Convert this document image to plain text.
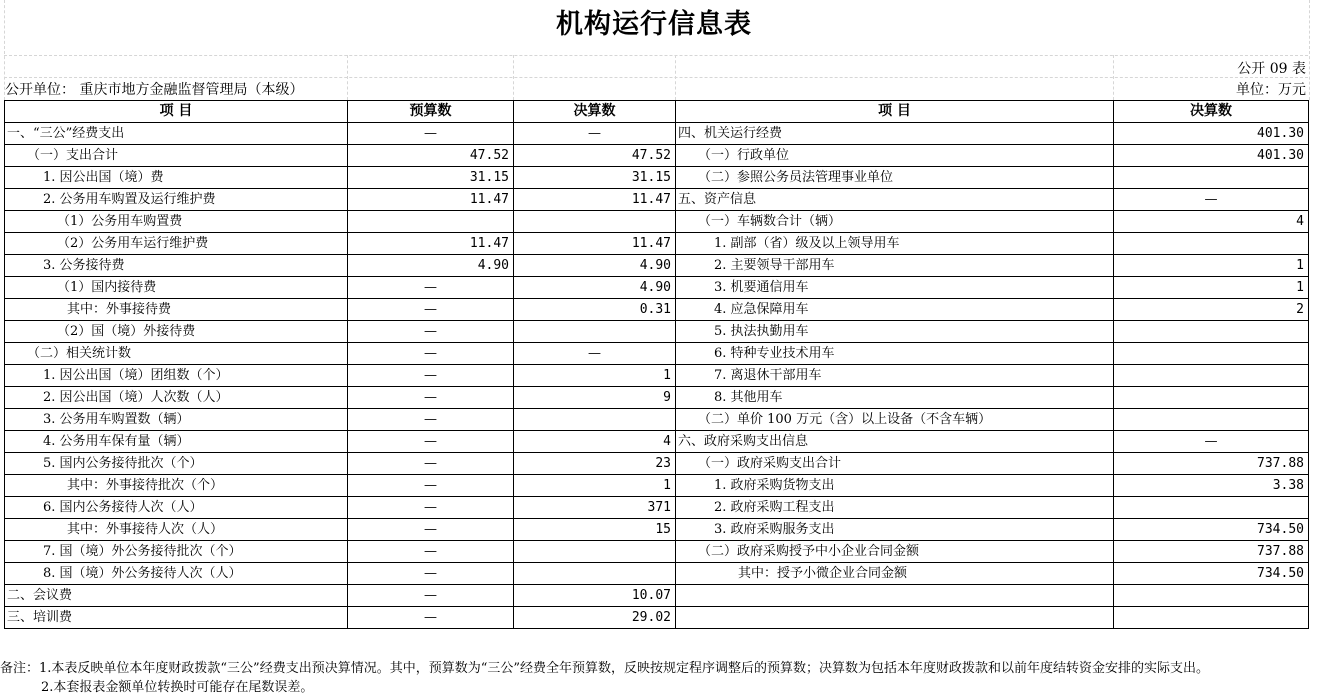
机构运行信息表
公开 09 表
公开单位： 重庆市地方金融监督管理局（本级）	单位：万元
项 目	预算数	决算数	项 目	决算数
一、“三公”经费支出	—	—	四、机关运行经费	401.30
（一）支出合计	47.52	47.52	（一）行政单位	401.30
1. 因公出国（境）费	31.15	31.15	（二）参照公务员法管理事业单位	
2. 公务用车购置及运行维护费	11.47	11.47	五、资产信息	—
（1）公务用车购置费			（一）车辆数合计（辆）	4
（2）公务用车运行维护费	11.47	11.47	1. 副部（省）级及以上领导用车	
3. 公务接待费	4.90	4.90	2. 主要领导干部用车	1
（1）国内接待费	—	4.90	3. 机要通信用车	1
其中：外事接待费	—	0.31	4. 应急保障用车	2
（2）国（境）外接待费	—		5. 执法执勤用车	
（二）相关统计数	—	—	6. 特种专业技术用车	
1. 因公出国（境）团组数（个）	—	1	7. 离退休干部用车	
2. 因公出国（境）人次数（人）	—	9	8. 其他用车	
3. 公务用车购置数（辆）	—		（二）单价 100 万元（含）以上设备（不含车辆）	
4. 公务用车保有量（辆）	—	4	六、政府采购支出信息	—
5. 国内公务接待批次（个）	—	23	（一）政府采购支出合计	737.88
其中：外事接待批次（个）	—	1	1. 政府采购货物支出	3.38
6. 国内公务接待人次（人）	—	371	2. 政府采购工程支出	
其中：外事接待人次（人）	—	15	3. 政府采购服务支出	734.50
7. 国（境）外公务接待批次（个）	—		（二）政府采购授予中小企业合同金额	737.88
8. 国（境）外公务接待人次（人）	—		其中：授予小微企业合同金额	734.50
二、会议费	—	10.07		
三、培训费	—	29.02		
备注：1.本表反映单位本年度财政拨款“三公”经费支出预决算情况。其中，预算数为“三公”经费全年预算数，反映按规定程序调整后的预算数；决算数为包括本年度财政拨款和以前年度结转资金安排的实际支出。
2.本套报表金额单位转换时可能存在尾数误差。
